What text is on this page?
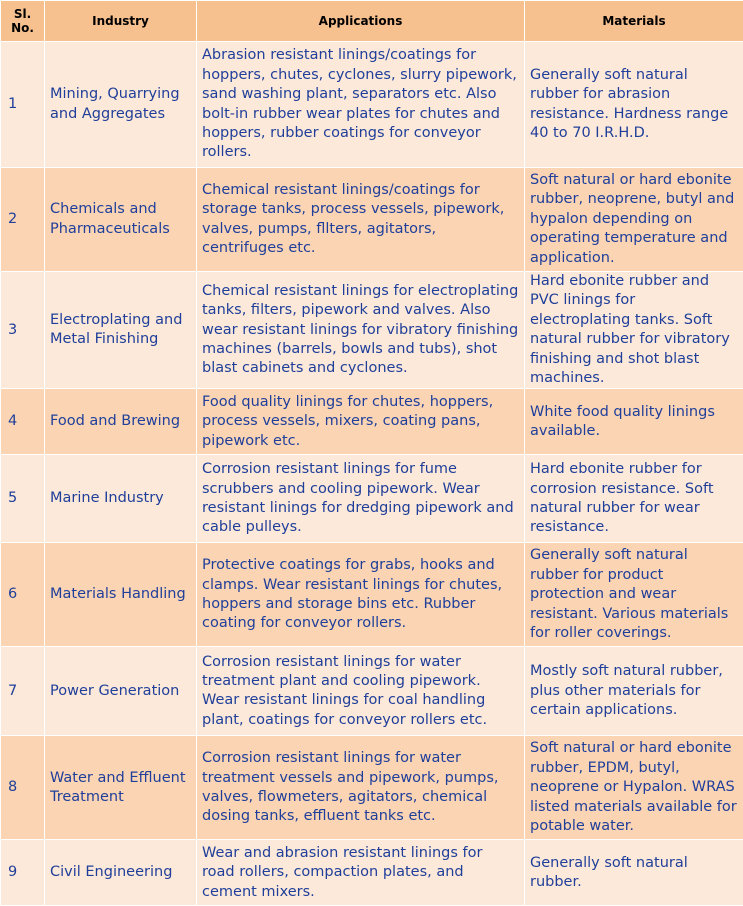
Sl. No.	Industry	Applications	Materials
1	Mining, Quarrying and Aggregates	Abrasion resistant linings/coatings for hoppers, chutes, cyclones, slurry pipework, sand washing plant, separators etc. Also bolt-in rubber wear plates for chutes and hoppers, rubber coatings for conveyor rollers.	Generally soft natural rubber for abrasion resistance. Hardness range 40 to 70 I.R.H.D.
2	Chemicals and Pharmaceuticals	Chemical resistant linings/coatings for storage tanks, process vessels, pipework, valves, pumps, fllters, agitators, centrifuges etc.	Soft natural or hard ebonite rubber, neoprene, butyl and hypalon depending on operating temperature and application.
3	Electroplating and Metal Finishing	Chemical resistant linings for electroplating tanks, filters, pipework and valves. Also wear resistant linings for vibratory finishing machines (barrels, bowls and tubs), shot blast cabinets and cyclones.	Hard ebonite rubber and PVC linings for electroplating tanks. Soft natural rubber for vibratory finishing and shot blast machines.
4	Food and Brewing	Food quality linings for chutes, hoppers, process vessels, mixers, coating pans, pipework etc.	White food quality linings available.
5	Marine Industry	Corrosion resistant linings for fume scrubbers and cooling pipework. Wear resistant linings for dredging pipework and cable pulleys.	Hard ebonite rubber for corrosion resistance. Soft natural rubber for wear resistance.
6	Materials Handling	Protective coatings for grabs, hooks and clamps. Wear resistant linings for chutes, hoppers and storage bins etc. Rubber coating for conveyor rollers.	Generally soft natural rubber for product protection and wear resistant. Various materials for roller coverings.
7	Power Generation	Corrosion resistant linings for water treatment plant and cooling pipework. Wear resistant linings for coal handling plant, coatings for conveyor rollers etc.	Mostly soft natural rubber, plus other materials for certain applications.
8	Water and Effluent Treatment	Corrosion resistant linings for water treatment vessels and pipework, pumps, valves, flowmeters, agitators, chemical dosing tanks, effluent tanks etc.	Soft natural or hard ebonite rubber, EPDM, butyl, neoprene or Hypalon. WRAS listed materials available for potable water.
9	Civil Engineering	Wear and abrasion resistant linings for road rollers, compaction plates, and cement mixers.	Generally soft natural rubber.
